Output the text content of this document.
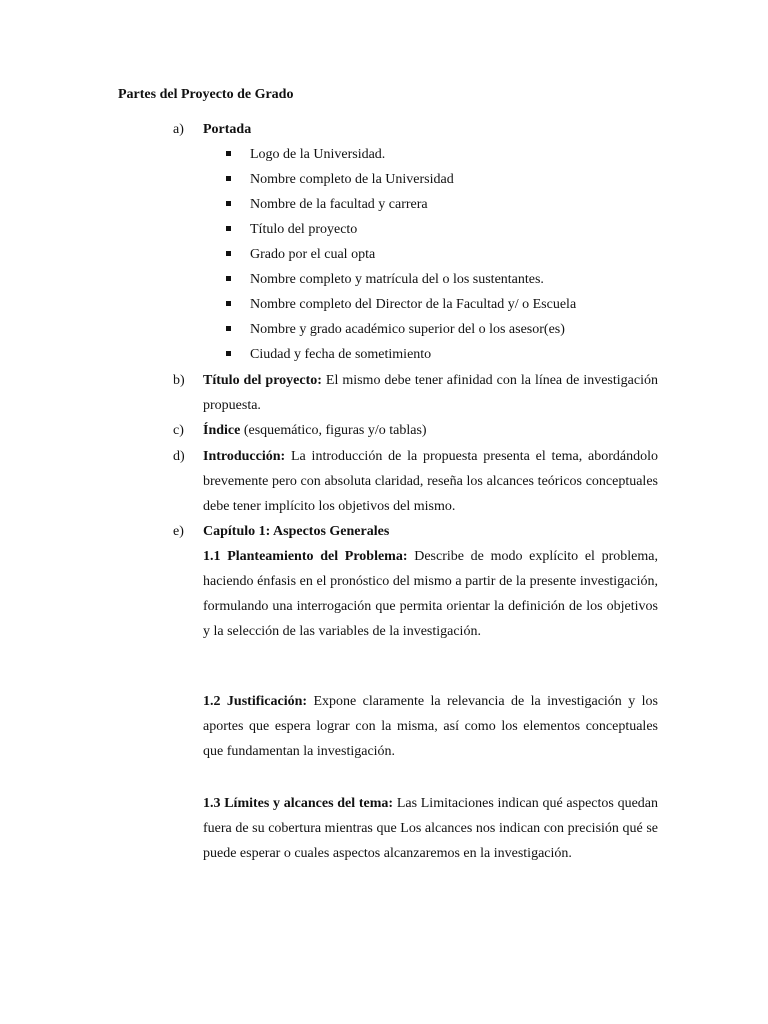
Partes del Proyecto de Grado
a)	Portada
Logo de la Universidad.
Nombre completo de la Universidad
Nombre de la facultad y carrera
Título del proyecto
Grado por el cual opta
Nombre completo y matrícula del o los sustentantes.
Nombre completo del Director de la Facultad y/ o Escuela
Nombre y grado académico superior del o los asesor(es)
Ciudad y fecha de sometimiento
b)	Título del proyecto: El mismo debe tener afinidad con la línea de investigación propuesta.
c)	Índice (esquemático, figuras y/o tablas)
d)	Introducción: La introducción de la propuesta presenta el tema, abordándolo brevemente pero con absoluta claridad, reseña los alcances teóricos conceptuales debe tener implícito los objetivos del mismo.
e)	Capítulo 1: Aspectos Generales
1.1 Planteamiento del Problema: Describe de modo explícito el problema, haciendo énfasis en el pronóstico del mismo a partir de la presente investigación, formulando una interrogación que permita orientar la definición de los objetivos y la selección de las variables de la investigación.
1.2 Justificación: Expone claramente la relevancia de la investigación y los aportes que espera lograr con la misma, así como los elementos conceptuales que fundamentan la investigación.
1.3 Límites y alcances del tema: Las Limitaciones indican qué aspectos quedan fuera de su cobertura mientras que Los alcances nos indican con precisión qué se puede esperar o cuales aspectos alcanzaremos en la investigación.
